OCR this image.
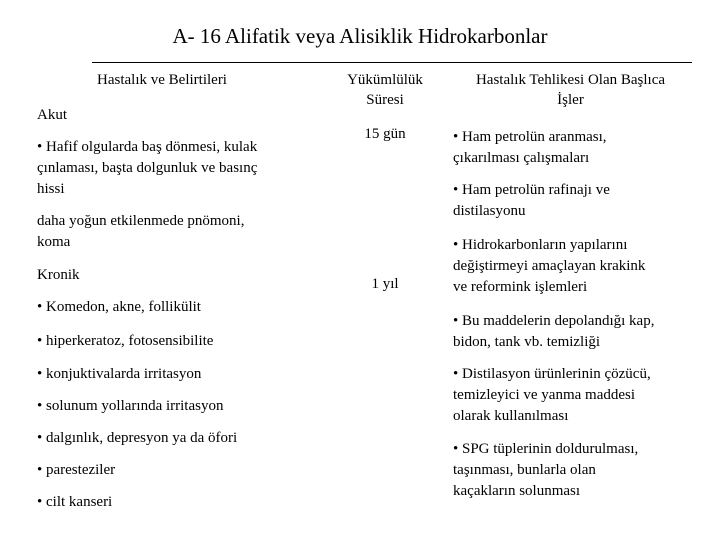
A- 16 Alifatik veya Alisiklik Hidrokarbonlar
Hastalık ve Belirtileri	Yükümlülük
Süresi
Hastalık Tehlikesi Olan Başlıca
İşler
Akut
• Hafif olgularda baş dönmesi, kulak
çınlaması, başta dolgunluk ve basınç
hissi
daha yoğun etkilenmede pnömoni,
koma
Kronik
• Komedon, akne, follikülit
• hiperkeratoz, fotosensibilite
• konjuktivalarda irritasyon
• solunum yollarında irritasyon
• dalgınlık, depresyon ya da öfori
• paresteziler
• cilt kanseri
15 gün
1 yıl
• Ham petrolün aranması,
çıkarılması çalışmaları
• Ham petrolün rafinajı ve
distilasyonu
• Hidrokarbonların yapılarını
değiştirmeyi amaçlayan krakink
ve reformink işlemleri
• Bu maddelerin depolandığı kap,
bidon, tank vb. temizliği
• Distilasyon ürünlerinin çözücü,
temizleyici ve yanma maddesi
olarak kullanılması
• SPG tüplerinin doldurulması,
taşınması, bunlarla olan
kaçakların solunması
